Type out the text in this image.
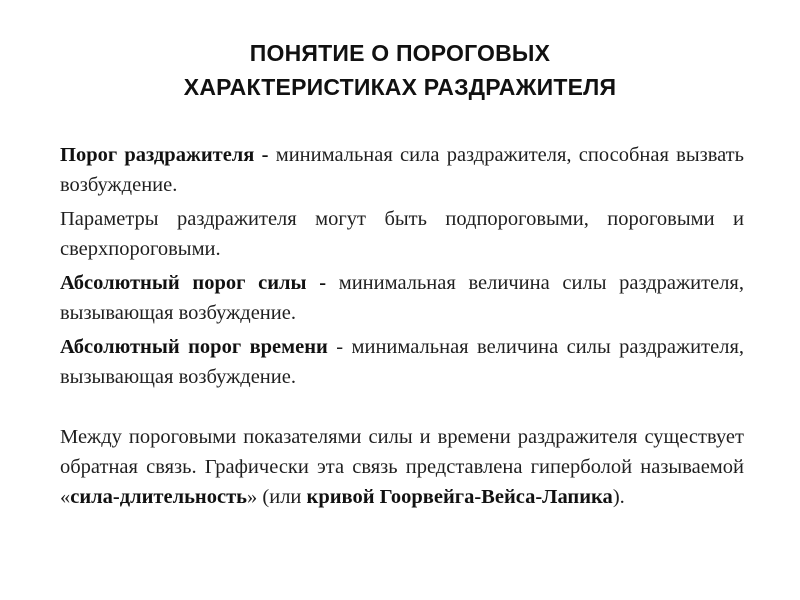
ПОНЯТИЕ О ПОРОГОВЫХ
ХАРАКТЕРИСТИКАХ РАЗДРАЖИТЕЛЯ

Порог раздражителя - минимальная сила раздражителя, способная вызвать возбуждение.

Параметры раздражителя могут быть подпороговыми, пороговыми и сверхпороговыми.

Абсолютный порог силы - минимальная величина силы раздражителя, вызывающая возбуждение.

Абсолютный порог времени - минимальная величина силы раздражителя, вызывающая возбуждение.

Между пороговыми показателями силы и времени раздражителя существует обратная связь. Графически эта связь представлена гиперболой называемой «сила-длительность» (или кривой Гоорвейга-Вейса-Лапика).
